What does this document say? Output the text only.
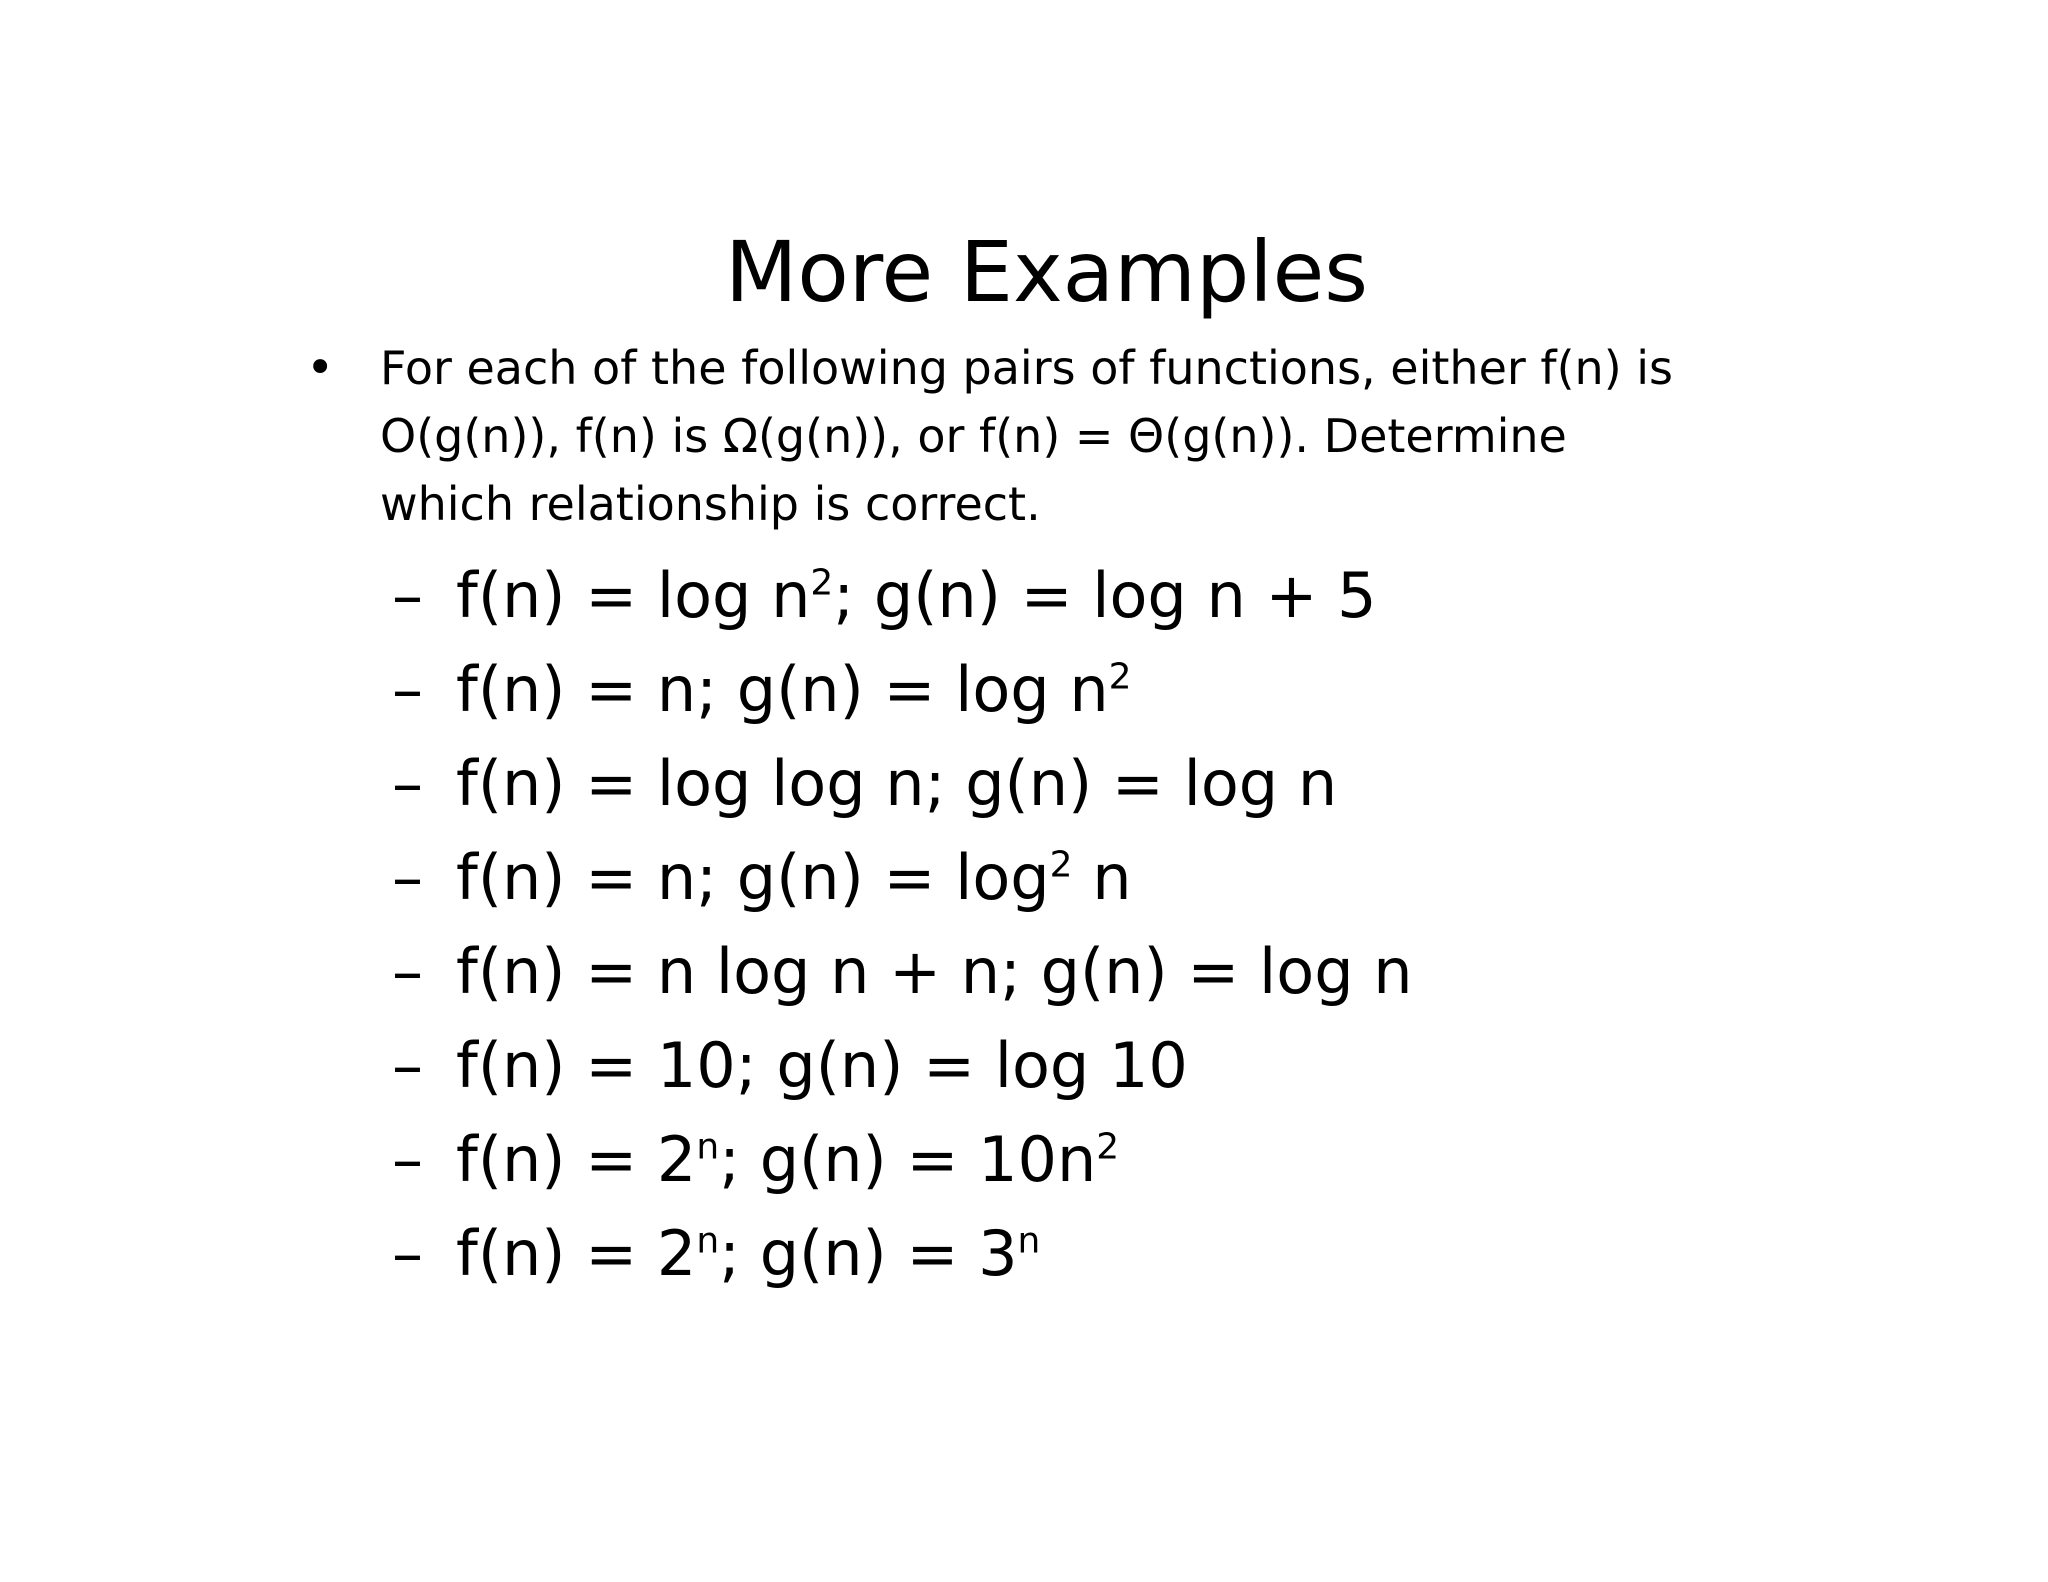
More Examples
• For each of the following pairs of functions, either f(n) is O(g(n)), f(n) is Ω(g(n)), or f(n) = Θ(g(n)). Determine which relationship is correct.

– $f(n) = \log n^2$; g(n) = log n + 5
– f(n) = n; $g(n) = \log n^2$
– f(n) = log log n; g(n) = log n
– f(n) = n; $g(n) = \log^2 n$
– f(n) = n log n + n; g(n) = log n
– f(n) = 10; g(n) = log 10
– $f(n) = 2^n$; $g(n) = 10n^2$
– $f(n) = 2^n$; $g(n) = 3^n$
